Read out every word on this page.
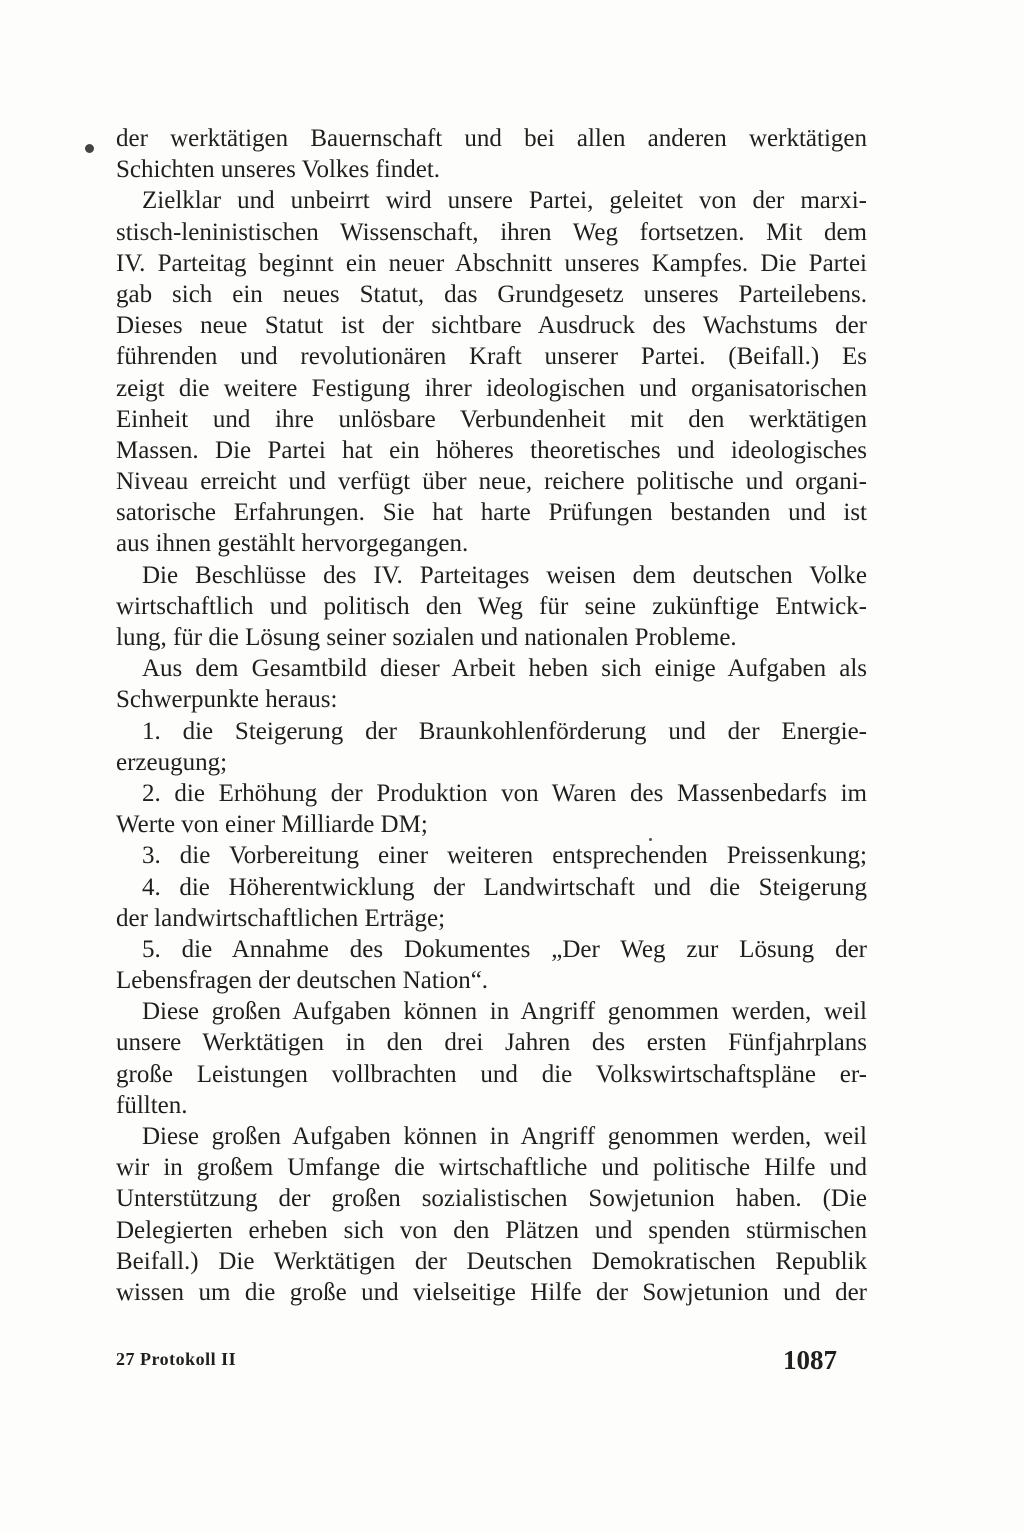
der werktätigen Bauernschaft und bei allen anderen werktätigen
Schichten unseres Volkes findet.
Zielklar und unbeirrt wird unsere Partei, geleitet von der marxi-
stisch-leninistischen Wissenschaft, ihren Weg fortsetzen. Mit dem
IV. Parteitag beginnt ein neuer Abschnitt unseres Kampfes. Die Partei
gab sich ein neues Statut, das Grundgesetz unseres Parteilebens.
Dieses neue Statut ist der sichtbare Ausdruck des Wachstums der
führenden und revolutionären Kraft unserer Partei. (Beifall.) Es
zeigt die weitere Festigung ihrer ideologischen und organisatorischen
Einheit und ihre unlösbare Verbundenheit mit den werktätigen
Massen. Die Partei hat ein höheres theoretisches und ideologisches
Niveau erreicht und verfügt über neue, reichere politische und organi-
satorische Erfahrungen. Sie hat harte Prüfungen bestanden und ist
aus ihnen gestählt hervorgegangen.
Die Beschlüsse des IV. Parteitages weisen dem deutschen Volke
wirtschaftlich und politisch den Weg für seine zukünftige Entwick-
lung, für die Lösung seiner sozialen und nationalen Probleme.
Aus dem Gesamtbild dieser Arbeit heben sich einige Aufgaben als
Schwerpunkte heraus:
1. die Steigerung der Braunkohlenförderung und der Energie-
erzeugung;
2. die Erhöhung der Produktion von Waren des Massenbedarfs im
Werte von einer Milliarde DM;
3. die Vorbereitung einer weiteren entsprechenden Preissenkung;
4. die Höherentwicklung der Landwirtschaft und die Steigerung
der landwirtschaftlichen Erträge;
5. die Annahme des Dokumentes „Der Weg zur Lösung der
Lebensfragen der deutschen Nation“.
Diese großen Aufgaben können in Angriff genommen werden, weil
unsere Werktätigen in den drei Jahren des ersten Fünfjahrplans
große Leistungen vollbrachten und die Volkswirtschaftspläne er-
füllten.
Diese großen Aufgaben können in Angriff genommen werden, weil
wir in großem Umfange die wirtschaftliche und politische Hilfe und
Unterstützung der großen sozialistischen Sowjetunion haben. (Die
Delegierten erheben sich von den Plätzen und spenden stürmischen
Beifall.) Die Werktätigen der Deutschen Demokratischen Republik
wissen um die große und vielseitige Hilfe der Sowjetunion und der
27 Protokoll II	1087
